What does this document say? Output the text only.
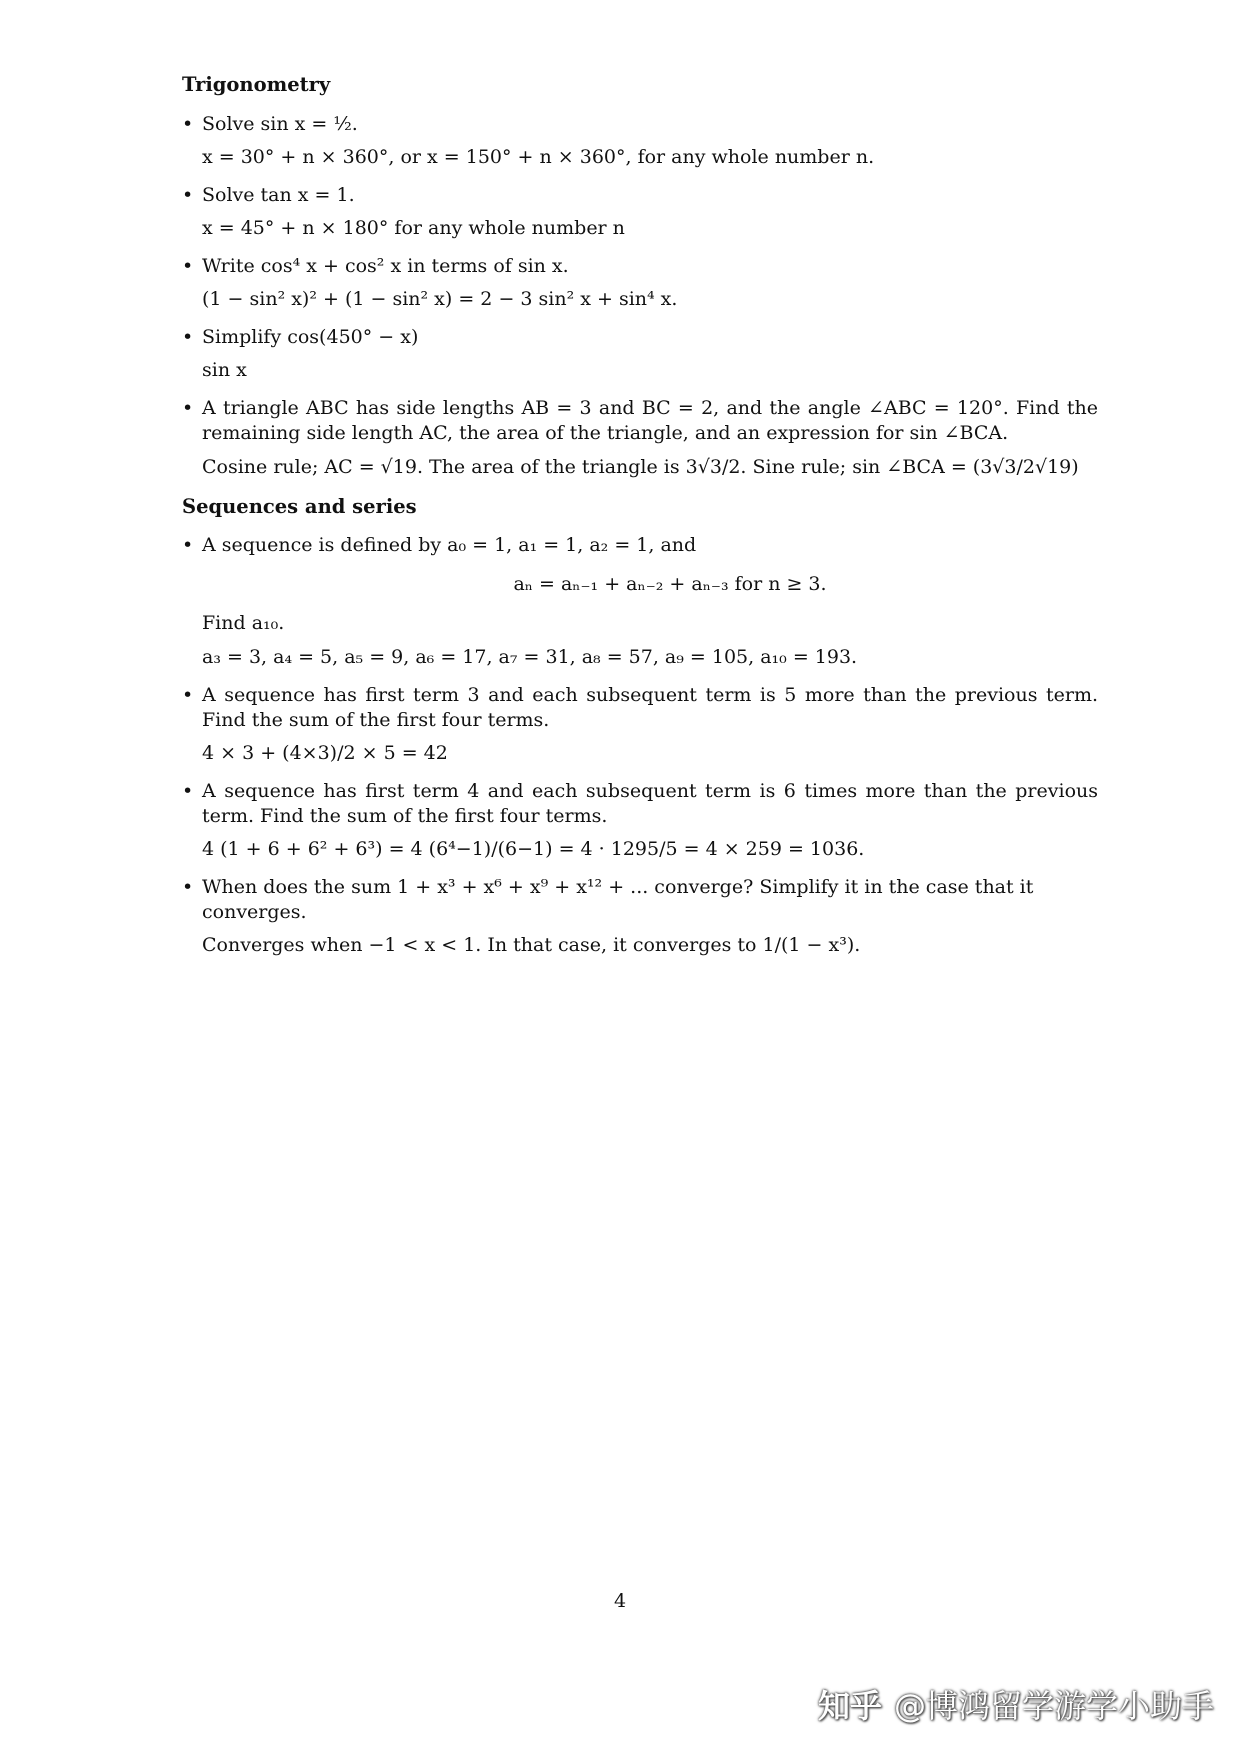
Trigonometry

• Solve sin x = ½.

x = 30° + n × 360°, or x = 150° + n × 360°, for any whole number n.

• Solve tan x = 1.

x = 45° + n × 180° for any whole number n

• Write cos⁴ x + cos² x in terms of sin x.

(1 − sin² x)² + (1 − sin² x) = 2 − 3 sin² x + sin⁴ x.

• Simplify cos(450° − x)

sin x

• A triangle ABC has side lengths AB = 3 and BC = 2, and the angle ∠ABC = 120°. Find the remaining side length AC, the area of the triangle, and an expression for sin ∠BCA.

Cosine rule; AC = √19. The area of the triangle is 3√3/2. Sine rule; sin ∠BCA = (3√3/2√19)

Sequences and series

• A sequence is defined by a₀ = 1, a₁ = 1, a₂ = 1, and

aₙ = aₙ₋₁ + aₙ₋₂ + aₙ₋₃ for n ≥ 3.

Find a₁₀.

a₃ = 3, a₄ = 5, a₅ = 9, a₆ = 17, a₇ = 31, a₈ = 57, a₉ = 105, a₁₀ = 193.

• A sequence has first term 3 and each subsequent term is 5 more than the previous term. Find the sum of the first four terms.

4 × 3 + (4×3)/2 × 5 = 42

• A sequence has first term 4 and each subsequent term is 6 times more than the previous term. Find the sum of the first four terms.

4 (1 + 6 + 6² + 6³) = 4 (6⁴−1)/(6−1) = 4 · 1295/5 = 4 × 259 = 1036.

• When does the sum 1 + x³ + x⁶ + x⁹ + x¹² + ... converge? Simplify it in the case that it converges.

Converges when −1 < x < 1. In that case, it converges to 1/(1 − x³).

4
知乎 @博鸿留学游学小助手
